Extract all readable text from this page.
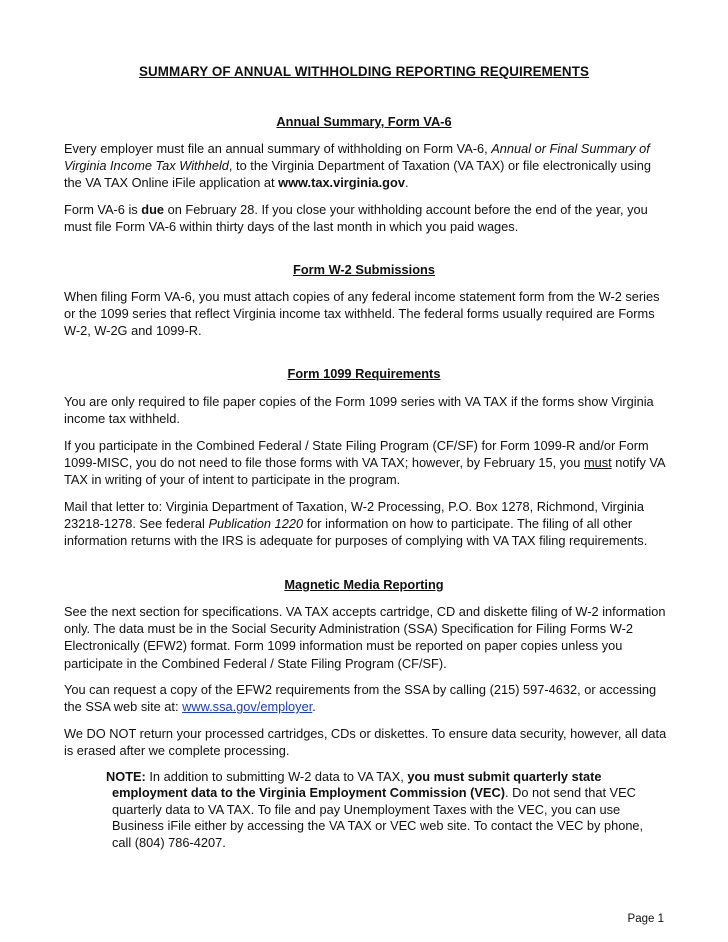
SUMMARY OF ANNUAL WITHHOLDING REPORTING REQUIREMENTS
Annual Summary, Form VA-6

Every employer must file an annual summary of withholding on Form VA-6, Annual or Final Summary of Virginia Income Tax Withheld, to the Virginia Department of Taxation (VA TAX) or file electronically using the VA TAX Online iFile application at www.tax.virginia.gov.

Form VA-6 is due on February 28. If you close your withholding account before the end of the year, you must file Form VA-6 within thirty days of the last month in which you paid wages.

Form W-2 Submissions

When filing Form VA-6, you must attach copies of any federal income statement form from the W-2 series or the 1099 series that reflect Virginia income tax withheld. The federal forms usually required are Forms W-2, W-2G and 1099-R.

Form 1099 Requirements

You are only required to file paper copies of the Form 1099 series with VA TAX if the forms show Virginia income tax withheld.

If you participate in the Combined Federal / State Filing Program (CF/SF) for Form 1099-R and/or Form 1099-MISC, you do not need to file those forms with VA TAX; however, by February 15, you must notify VA TAX in writing of your of intent to participate in the program.

Mail that letter to: Virginia Department of Taxation, W-2 Processing, P.O. Box 1278, Richmond, Virginia 23218-1278. See federal Publication 1220 for information on how to participate. The filing of all other information returns with the IRS is adequate for purposes of complying with VA TAX filing requirements.

Magnetic Media Reporting

See the next section for specifications. VA TAX accepts cartridge, CD and diskette filing of W-2 information only. The data must be in the Social Security Administration (SSA) Specification for Filing Forms W-2 Electronically (EFW2) format. Form 1099 information must be reported on paper copies unless you participate in the Combined Federal / State Filing Program (CF/SF).

You can request a copy of the EFW2 requirements from the SSA by calling (215) 597-4632, or accessing the SSA web site at: www.ssa.gov/employer.

We DO NOT return your processed cartridges, CDs or diskettes. To ensure data security, however, all data is erased after we complete processing.

NOTE: In addition to submitting W-2 data to VA TAX, you must submit quarterly state
employment data to the Virginia Employment Commission (VEC). Do not send that VEC
quarterly data to VA TAX. To file and pay Unemployment Taxes with the VEC, you can use
Business iFile either by accessing the VA TAX or VEC web site. To contact the VEC by phone,
call (804) 786-4207.
Page 1
